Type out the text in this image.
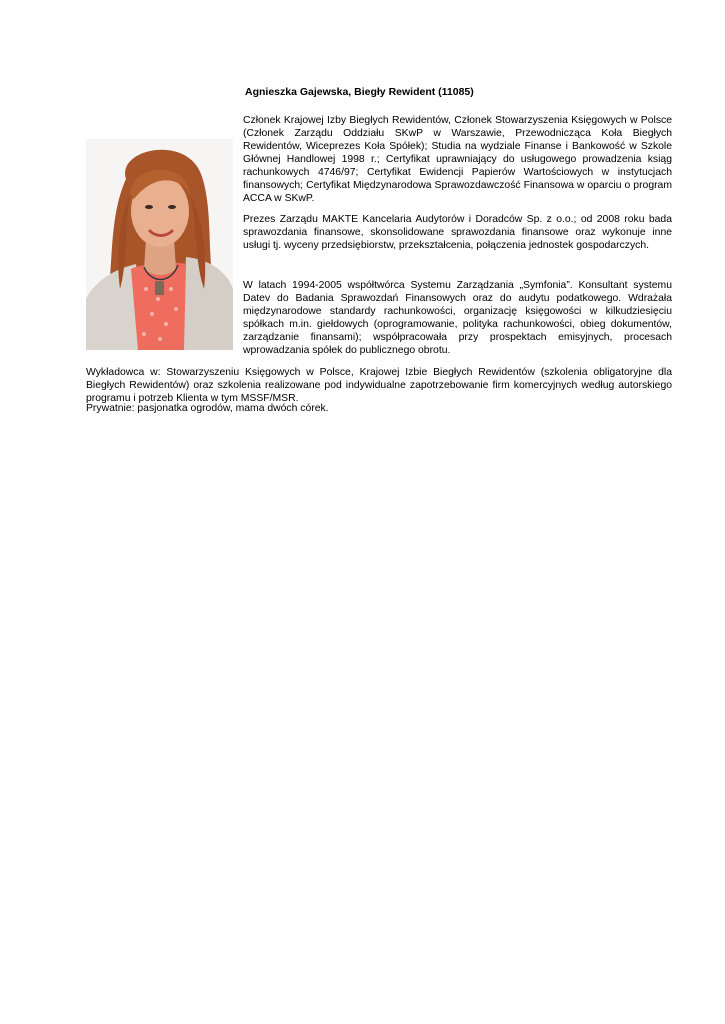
Agnieszka Gajewska, Biegły Rewident (11085)

Członek Krajowej Izby Biegłych Rewidentów, Członek Stowarzyszenia Księgowych w Polsce (Członek Zarządu Oddziału SKwP w Warszawie, Przewodnicząca Koła Biegłych Rewidentów, Wiceprezes Koła Spółek); Studia na wydziale Finanse i Bankowość w Szkole Głównej Handlowej 1998 r.; Certyfikat uprawniający do usługowego prowadzenia ksiąg rachunkowych 4746/97; Certyfikat Ewidencji Papierów Wartościowych w instytucjach finansowych; Certyfikat Międzynarodowa Sprawozdawczość Finansowa w oparciu o program ACCA w SKwP.

Prezes Zarządu MAKTE Kancelaria Audytorów i Doradców Sp. z o.o.; od 2008 roku bada sprawozdania finansowe, skonsolidowane sprawozdania finansowe oraz wykonuje inne usługi tj. wyceny przedsiębiorstw, przekształcenia, połączenia jednostek gospodarczych.

W latach 1994-2005 współtwórca Systemu Zarządzania „Symfonia”. Konsultant systemu Datev do Badania Sprawozdań Finansowych oraz do audytu podatkowego. Wdrażała międzynarodowe standardy rachunkowości, organizację księgowości w kilkudziesięciu spółkach m.in. giełdowych (oprogramowanie, polityka rachunkowości, obieg dokumentów, zarządzanie finansami); współpracowała przy prospektach emisyjnych, procesach wprowadzania spółek do publicznego obrotu.

Wykładowca w: Stowarzyszeniu Księgowych w Polsce, Krajowej Izbie Biegłych Rewidentów (szkolenia obligatoryjne dla Biegłych Rewidentów) oraz szkolenia realizowane pod indywidualne zapotrzebowanie firm komercyjnych według autorskiego programu i potrzeb Klienta w tym MSSF/MSR.

Prywatnie: pasjonatka ogrodów, mama dwóch córek.
